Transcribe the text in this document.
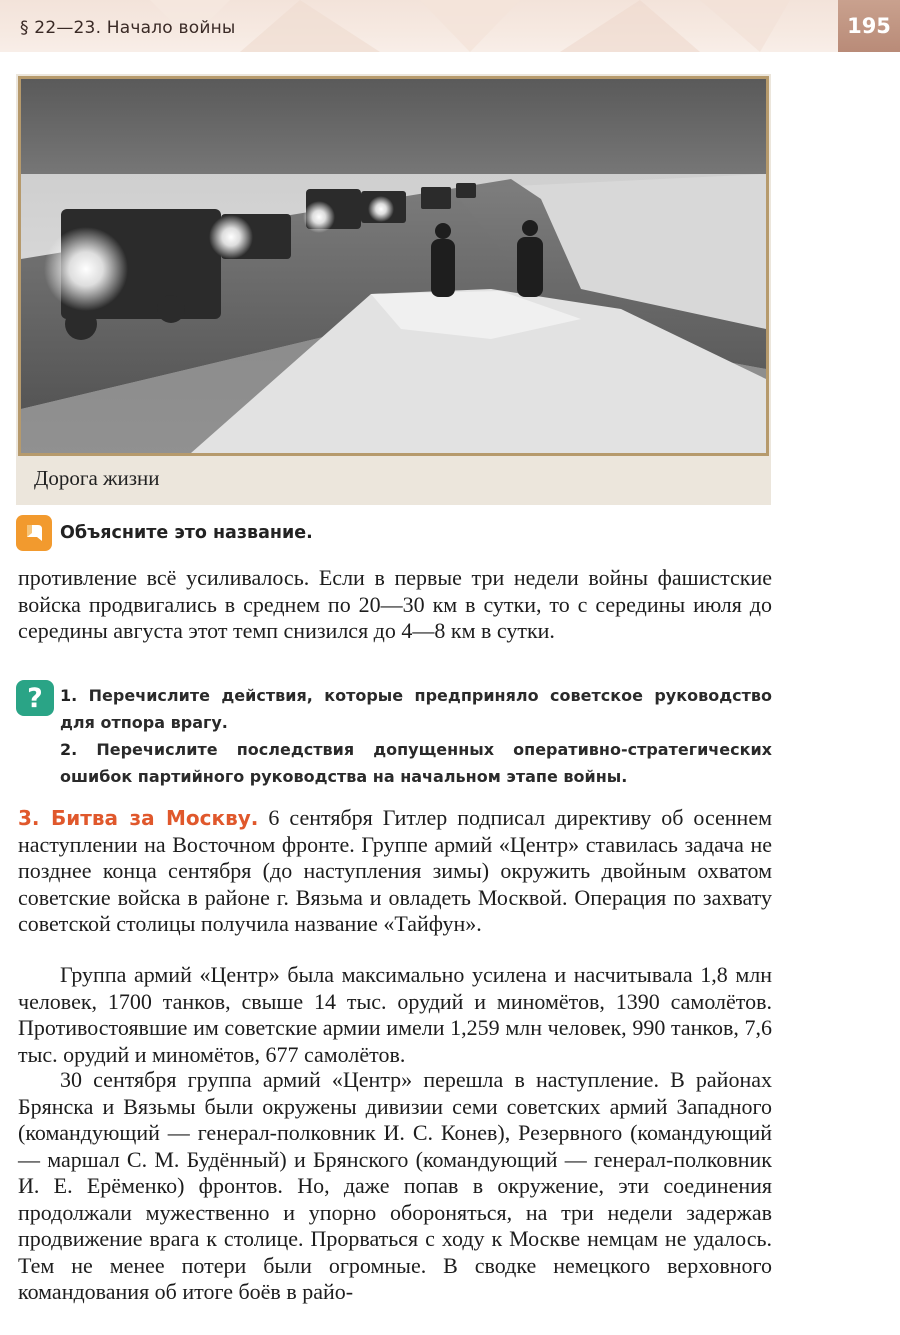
§ 22—23. Начало войны	195
Дорога жизни
Объясните это название.

противление всё усиливалось. Если в первые три недели войны фашистские войска продвигались в среднем по 20—30 км в сутки, то с середины июля до середины августа этот темп снизился до 4—8 км в сутки.

?	1. Перечислите действия, которые предприняло советское руководство для отпора врагу.

2. Перечислите последствия допущенных оперативно-стратегических ошибок партийного руководства на начальном этапе войны.

3. Битва за Москву. 6 сентября Гитлер подписал директиву об осеннем наступлении на Восточном фронте. Группе армий «Центр» ставилась задача не позднее конца сентября (до наступления зимы) окружить двойным охватом советские войска в районе г. Вязьма и овладеть Москвой. Операция по захвату советской столицы получила название «Тайфун».

Группа армий «Центр» была максимально усилена и насчитывала 1,8 млн человек, 1700 танков, свыше 14 тыс. орудий и миномётов, 1390 самолётов. Противостоявшие им советские армии имели 1,259 млн человек, 990 танков, 7,6 тыс. орудий и миномётов, 677 самолётов.

30 сентября группа армий «Центр» перешла в наступление. В районах Брянска и Вязьмы были окружены дивизии семи советских армий Западного (командующий — генерал-полковник И. С. Конев), Резервного (командующий — маршал С. М. Будённый) и Брянского (командующий — генерал-полковник И. Е. Ерёменко) фронтов. Но, даже попав в окружение, эти соединения продолжали мужественно и упорно обороняться, на три недели задержав продвижение врага к столице. Прорваться с ходу к Москве немцам не удалось. Тем не менее потери были огромные. В сводке немецкого верховного командования об итоге боёв в райо-
